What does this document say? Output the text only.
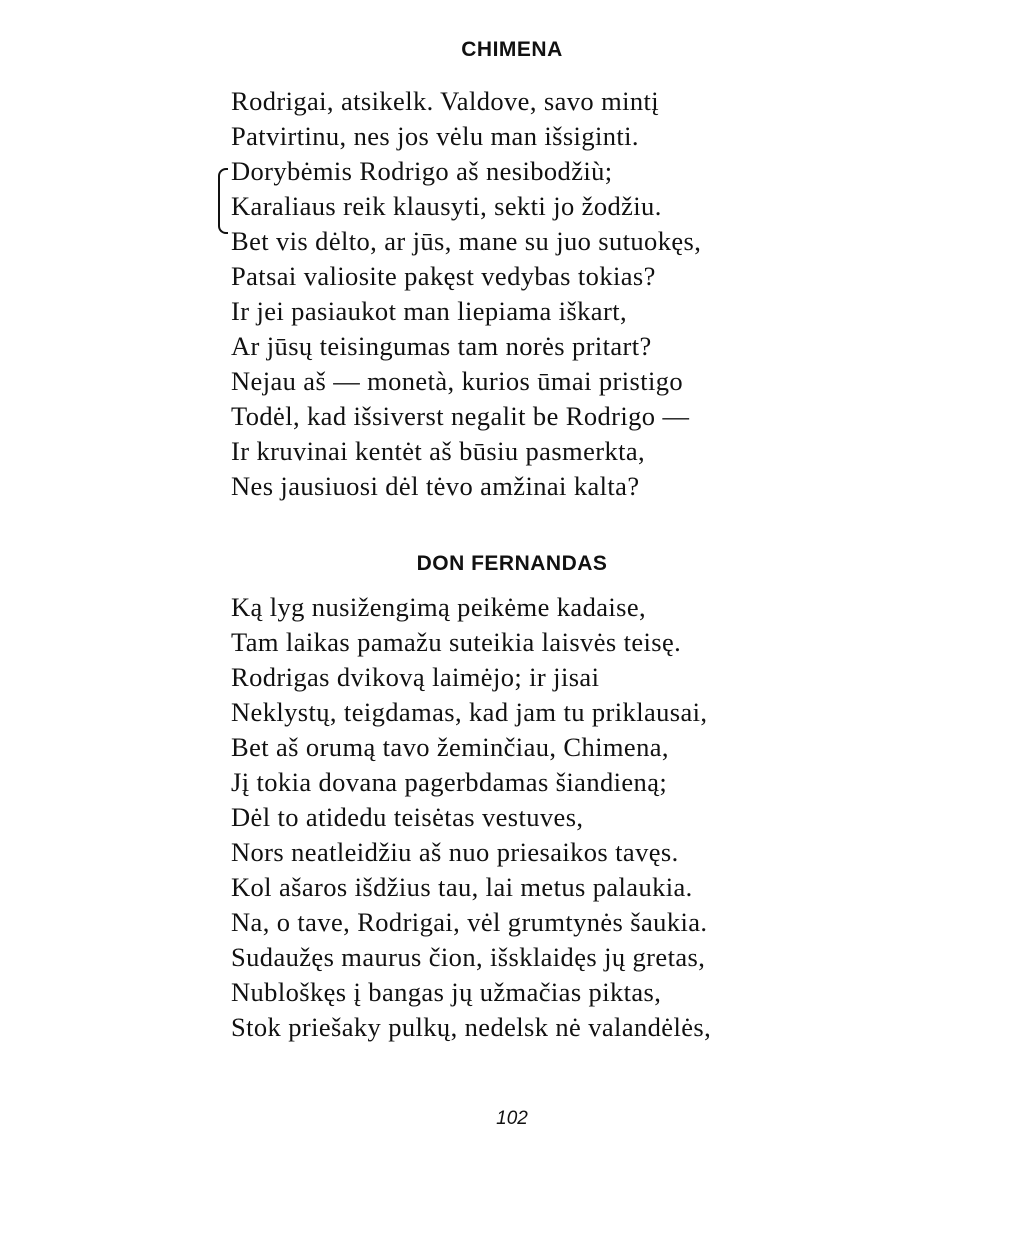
CHIMENA
Rodrigai, atsikelk. Valdove, savo mintį
Patvirtinu, nes jos vėlu man išsiginti.
Dorybėmis Rodrigo aš nesibodžiù;
Karaliaus reik klausyti, sekti jo žodžiu.
Bet vis dėlto, ar jūs, mane su juo sutuokęs,
Patsai valiosite pakęst vedybas tokias?
Ir jei pasiaukot man liepiama iškart,
Ar jūsų teisingumas tam norės pritart?
Nejau aš — monetà, kurios ūmai pristigo
Todėl, kad išsiverst negalit be Rodrigo —
Ir kruvinai kentėt aš būsiu pasmerkta,
Nes jausiuosi dėl tėvo amžinai kalta?
DON FERNANDAS
Ką lyg nusižengimą peikėme kadaise,
Tam laikas pamažu suteikia laisvės teisę.
Rodrigas dvikovą laimėjo; ir jisai
Neklystų, teigdamas, kad jam tu priklausai,
Bet aš orumą tavo žeminčiau, Chimena,
Jį tokia dovana pagerbdamas šiandieną;
Dėl to atidedu teisėtas vestuves,
Nors neatleidžiu aš nuo priesaikos tavęs.
Kol ašaros išdžius tau, lai metus palaukia.
Na, o tave, Rodrigai, vėl grumtynės šaukia.
Sudaužęs maurus čion, išsklaidęs jų gretas,
Nubloškęs į bangas jų užmačias piktas,
Stok priešaky pulkų, nedelsk nė valandėlės,
102
